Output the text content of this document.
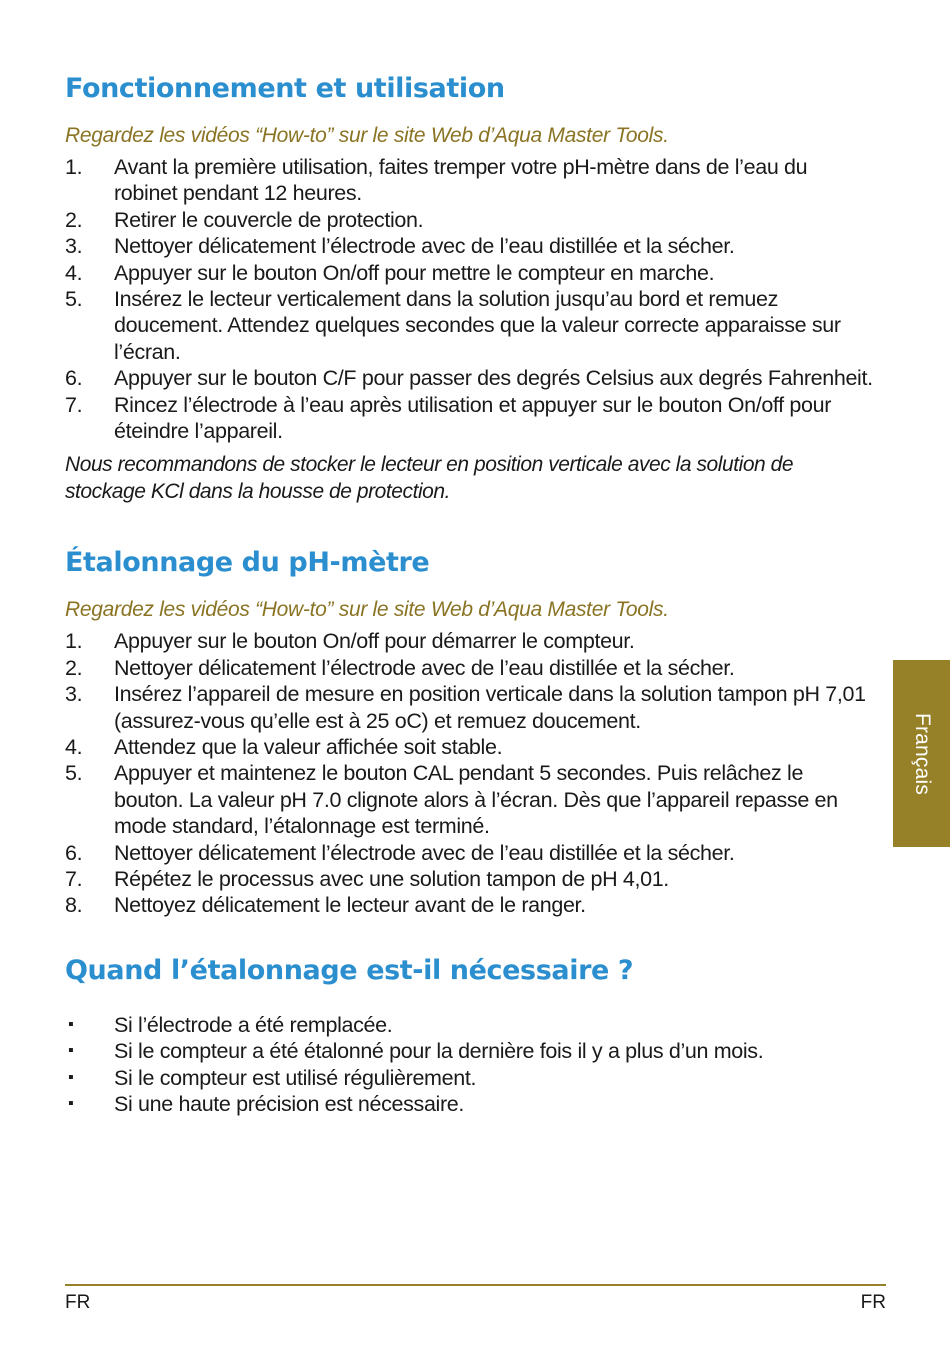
Fonctionnement et utilisation

Regardez les vidéos “How-to” sur le site Web d’Aqua Master Tools.

1. Avant la première utilisation, faites tremper votre pH-mètre dans de l’eau du robinet pendant 12 heures.
2. Retirer le couvercle de protection.
3. Nettoyer délicatement l’électrode avec de l’eau distillée et la sécher.
4. Appuyer sur le bouton On/off pour mettre le compteur en marche.
5. Insérez le lecteur verticalement dans la solution jusqu’au bord et remuez doucement. Attendez quelques secondes que la valeur correcte apparaisse sur l’écran.
6. Appuyer sur le bouton C/F pour passer des degrés Celsius aux degrés Fahrenheit.
7. Rincez l’électrode à l’eau après utilisation et appuyer sur le bouton On/off pour éteindre l’appareil.

Nous recommandons de stocker le lecteur en position verticale avec la solution de stockage KCl dans la housse de protection.

Étalonnage du pH-mètre

Regardez les vidéos “How-to” sur le site Web d’Aqua Master Tools.

1. Appuyer sur le bouton On/off pour démarrer le compteur.
2. Nettoyer délicatement l’électrode avec de l’eau distillée et la sécher.
3. Insérez l’appareil de mesure en position verticale dans la solution tampon pH 7,01 (assurez-vous qu’elle est à 25 oC) et remuez doucement.
4. Attendez que la valeur affichée soit stable.
5. Appuyer et maintenez le bouton CAL pendant 5 secondes. Puis relâchez le bouton. La valeur pH 7.0 clignote alors à l’écran. Dès que l’appareil repasse en mode standard, l’étalonnage est terminé.
6. Nettoyer délicatement l’électrode avec de l’eau distillée et la sécher.
7. Répétez le processus avec une solution tampon de pH 4,01.
8. Nettoyez délicatement le lecteur avant de le ranger.
Quand l’étalonnage est-il nécessaire ?
▪ Si l’électrode a été remplacée.
▪ Si le compteur a été étalonné pour la dernière fois il y a plus d’un mois.
▪ Si le compteur est utilisé régulièrement.
▪ Si une haute précision est nécessaire.
Français
FR	FR
